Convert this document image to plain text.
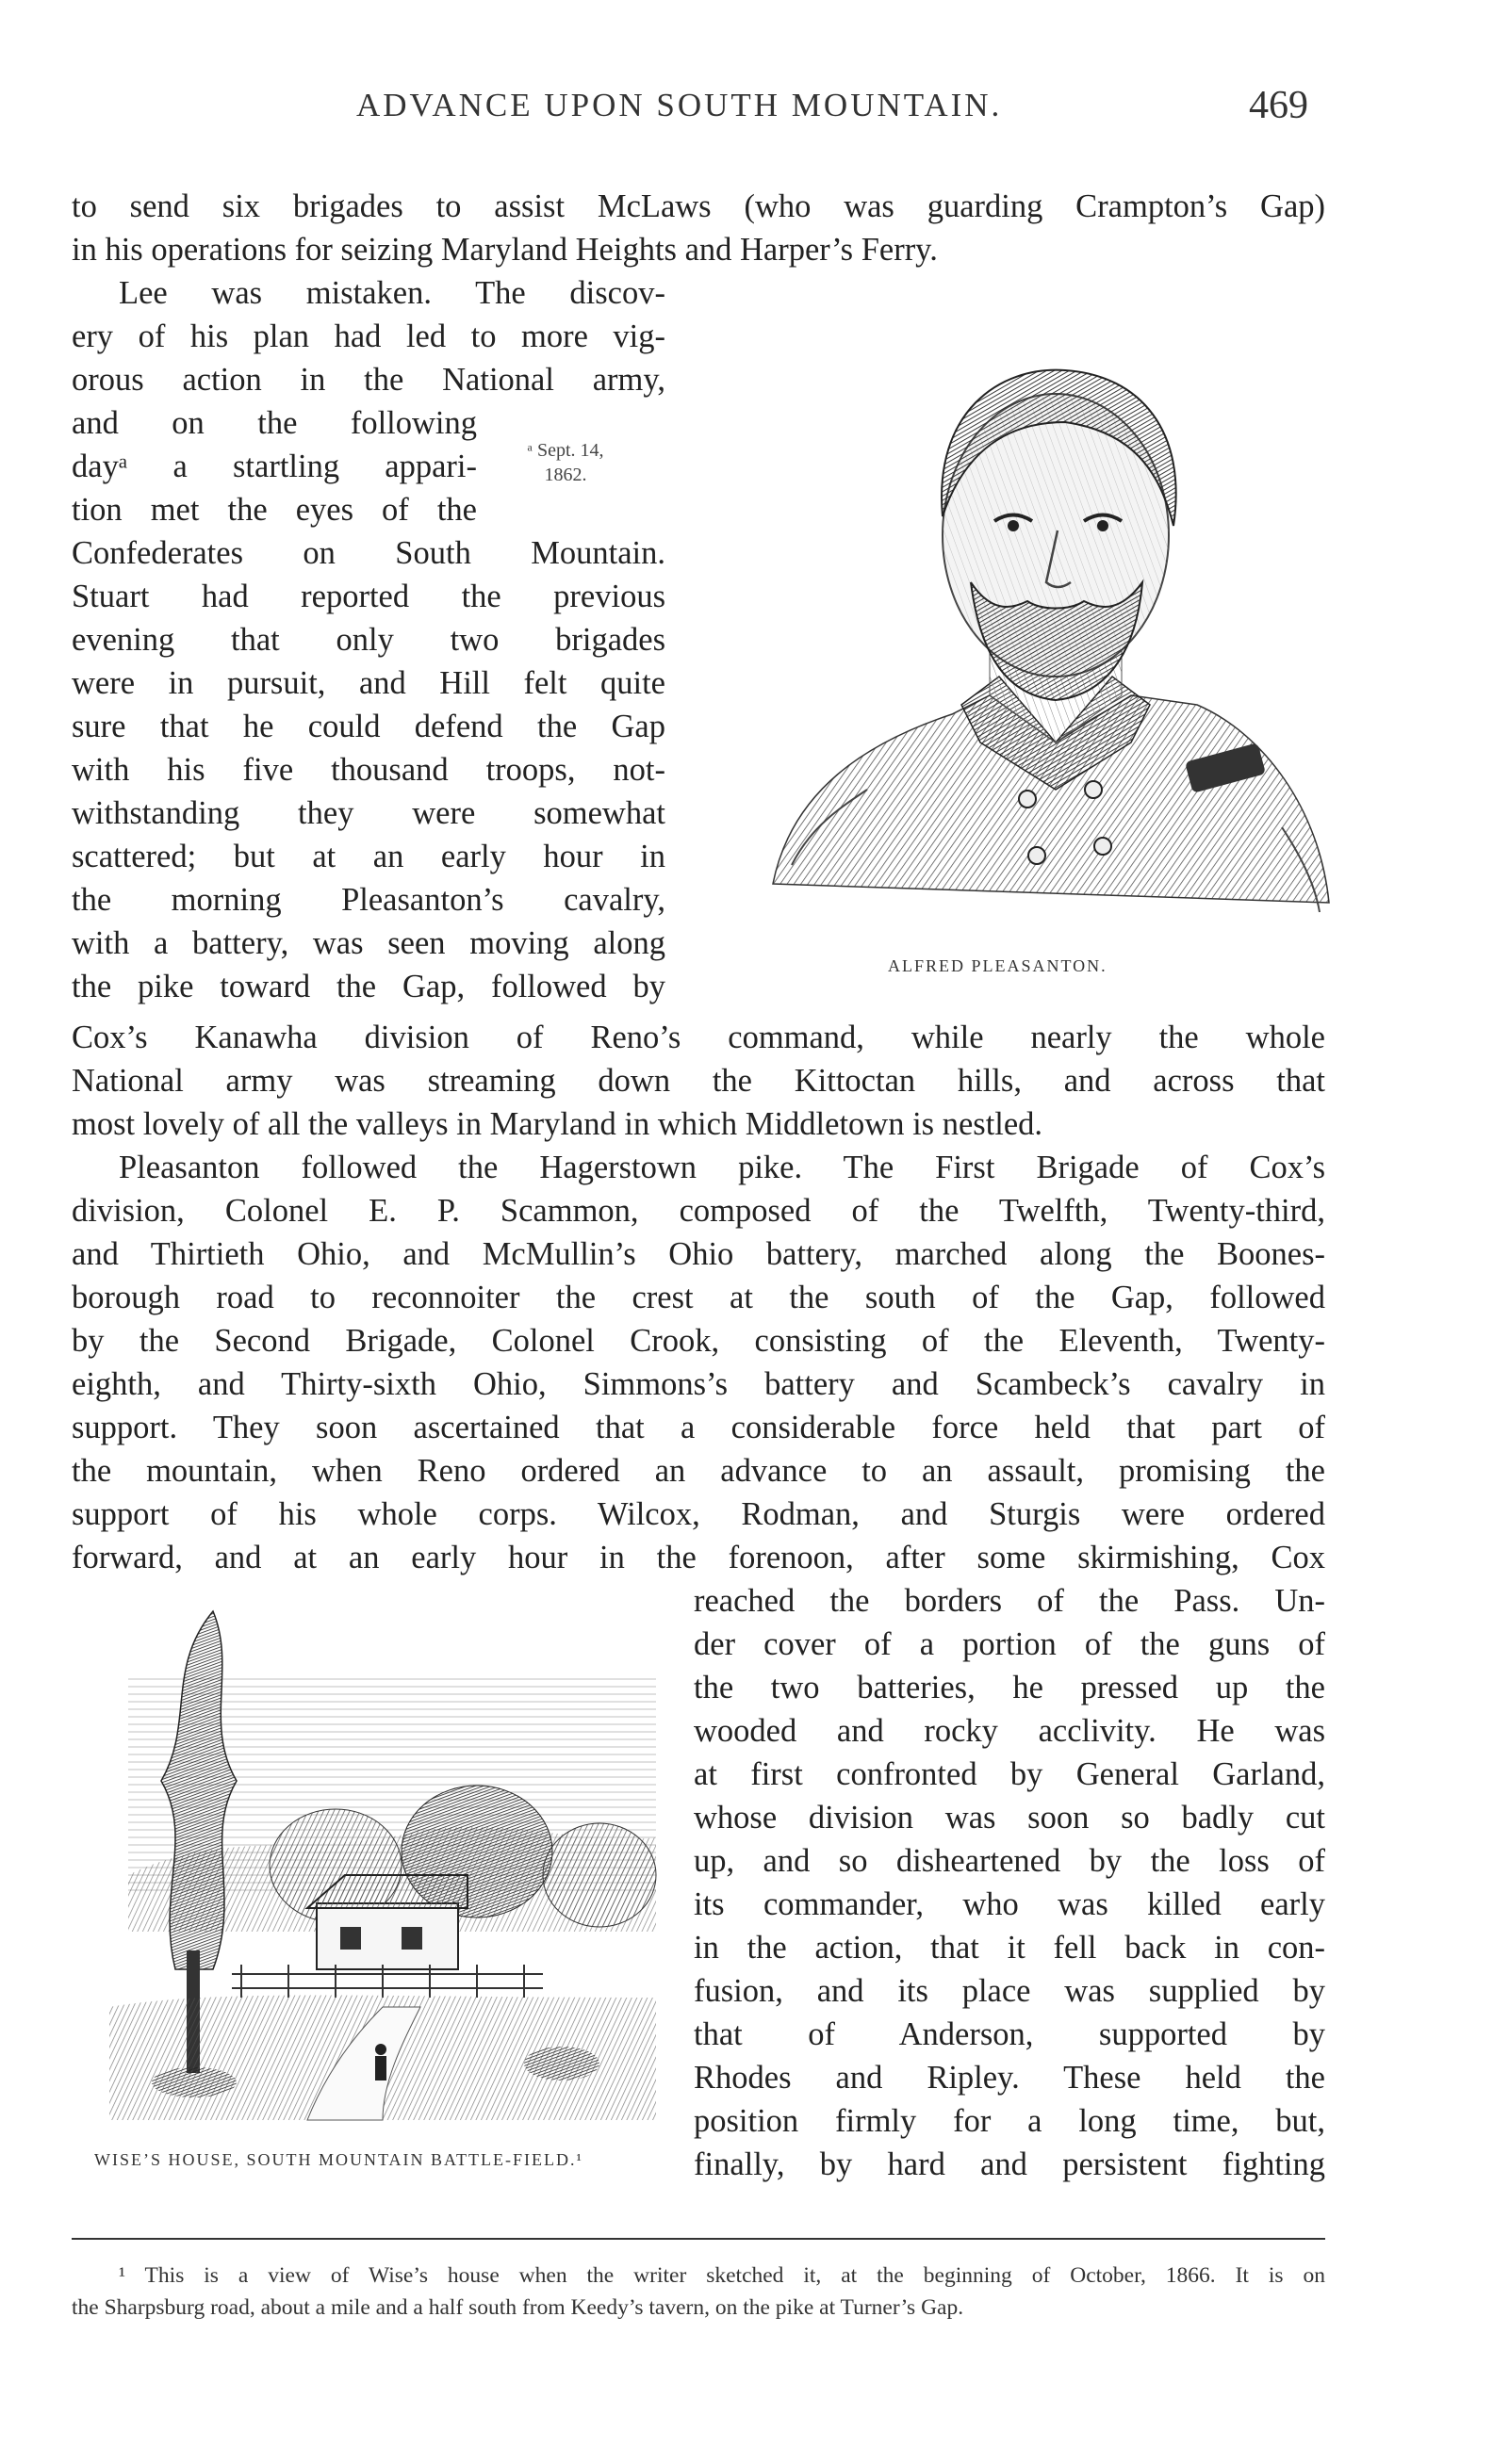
ADVANCE UPON SOUTH MOUNTAIN.	469
to send six brigades to assist McLaws (who was guarding Crampton’s Gap)
in his operations for seizing Maryland Heights and Harper’s Ferry.
Lee was mistaken. The discov-
ery of his plan had led to more vig-
orous action in the National army,
and on the following
dayᵃ a startling appari-
tion met the eyes of the
Confederates on South Mountain.
Stuart had reported the previous
evening that only two brigades
were in pursuit, and Hill felt quite
sure that he could defend the Gap
with his five thousand troops, not-
withstanding they were somewhat
scattered; but at an early hour in
the morning Pleasanton’s cavalry,
with a battery, was seen moving along
the pike toward the Gap, followed by
Cox’s Kanawha division of Reno’s command, while nearly the whole
National army was streaming down the Kittoctan hills, and across that
most lovely of all the valleys in Maryland in which Middletown is nestled.
Pleasanton followed the Hagerstown pike. The First Brigade of Cox’s
division, Colonel E. P. Scammon, composed of the Twelfth, Twenty-third,
and Thirtieth Ohio, and McMullin’s Ohio battery, marched along the Boones-
borough road to reconnoiter the crest at the south of the Gap, followed
by the Second Brigade, Colonel Crook, consisting of the Eleventh, Twenty-
eighth, and Thirty-sixth Ohio, Simmons’s battery and Scambeck’s cavalry in
support. They soon ascertained that a considerable force held that part of
the mountain, when Reno ordered an advance to an assault, promising the
support of his whole corps. Wilcox, Rodman, and Sturgis were ordered
forward, and at an early hour in the forenoon, after some skirmishing, Cox
reached the borders of the Pass. Un-
der cover of a portion of the guns of
the two batteries, he pressed up the
wooded and rocky acclivity. He was
at first confronted by General Garland,
whose division was soon so badly cut
up, and so disheartened by the loss of
its commander, who was killed early
in the action, that it fell back in con-
fusion, and its place was supplied by
that of Anderson, supported by
Rhodes and Ripley. These held the
position firmly for a long time, but,
finally, by hard and persistent fighting
ᵃ Sept. 14,
1862.
ALFRED PLEASANTON.
WISE’S HOUSE, SOUTH MOUNTAIN BATTLE-FIELD.¹
¹ This is a view of Wise’s house when the writer sketched it, at the beginning of October, 1866. It is on
the Sharpsburg road, about a mile and a half south from Keedy’s tavern, on the pike at Turner’s Gap.
